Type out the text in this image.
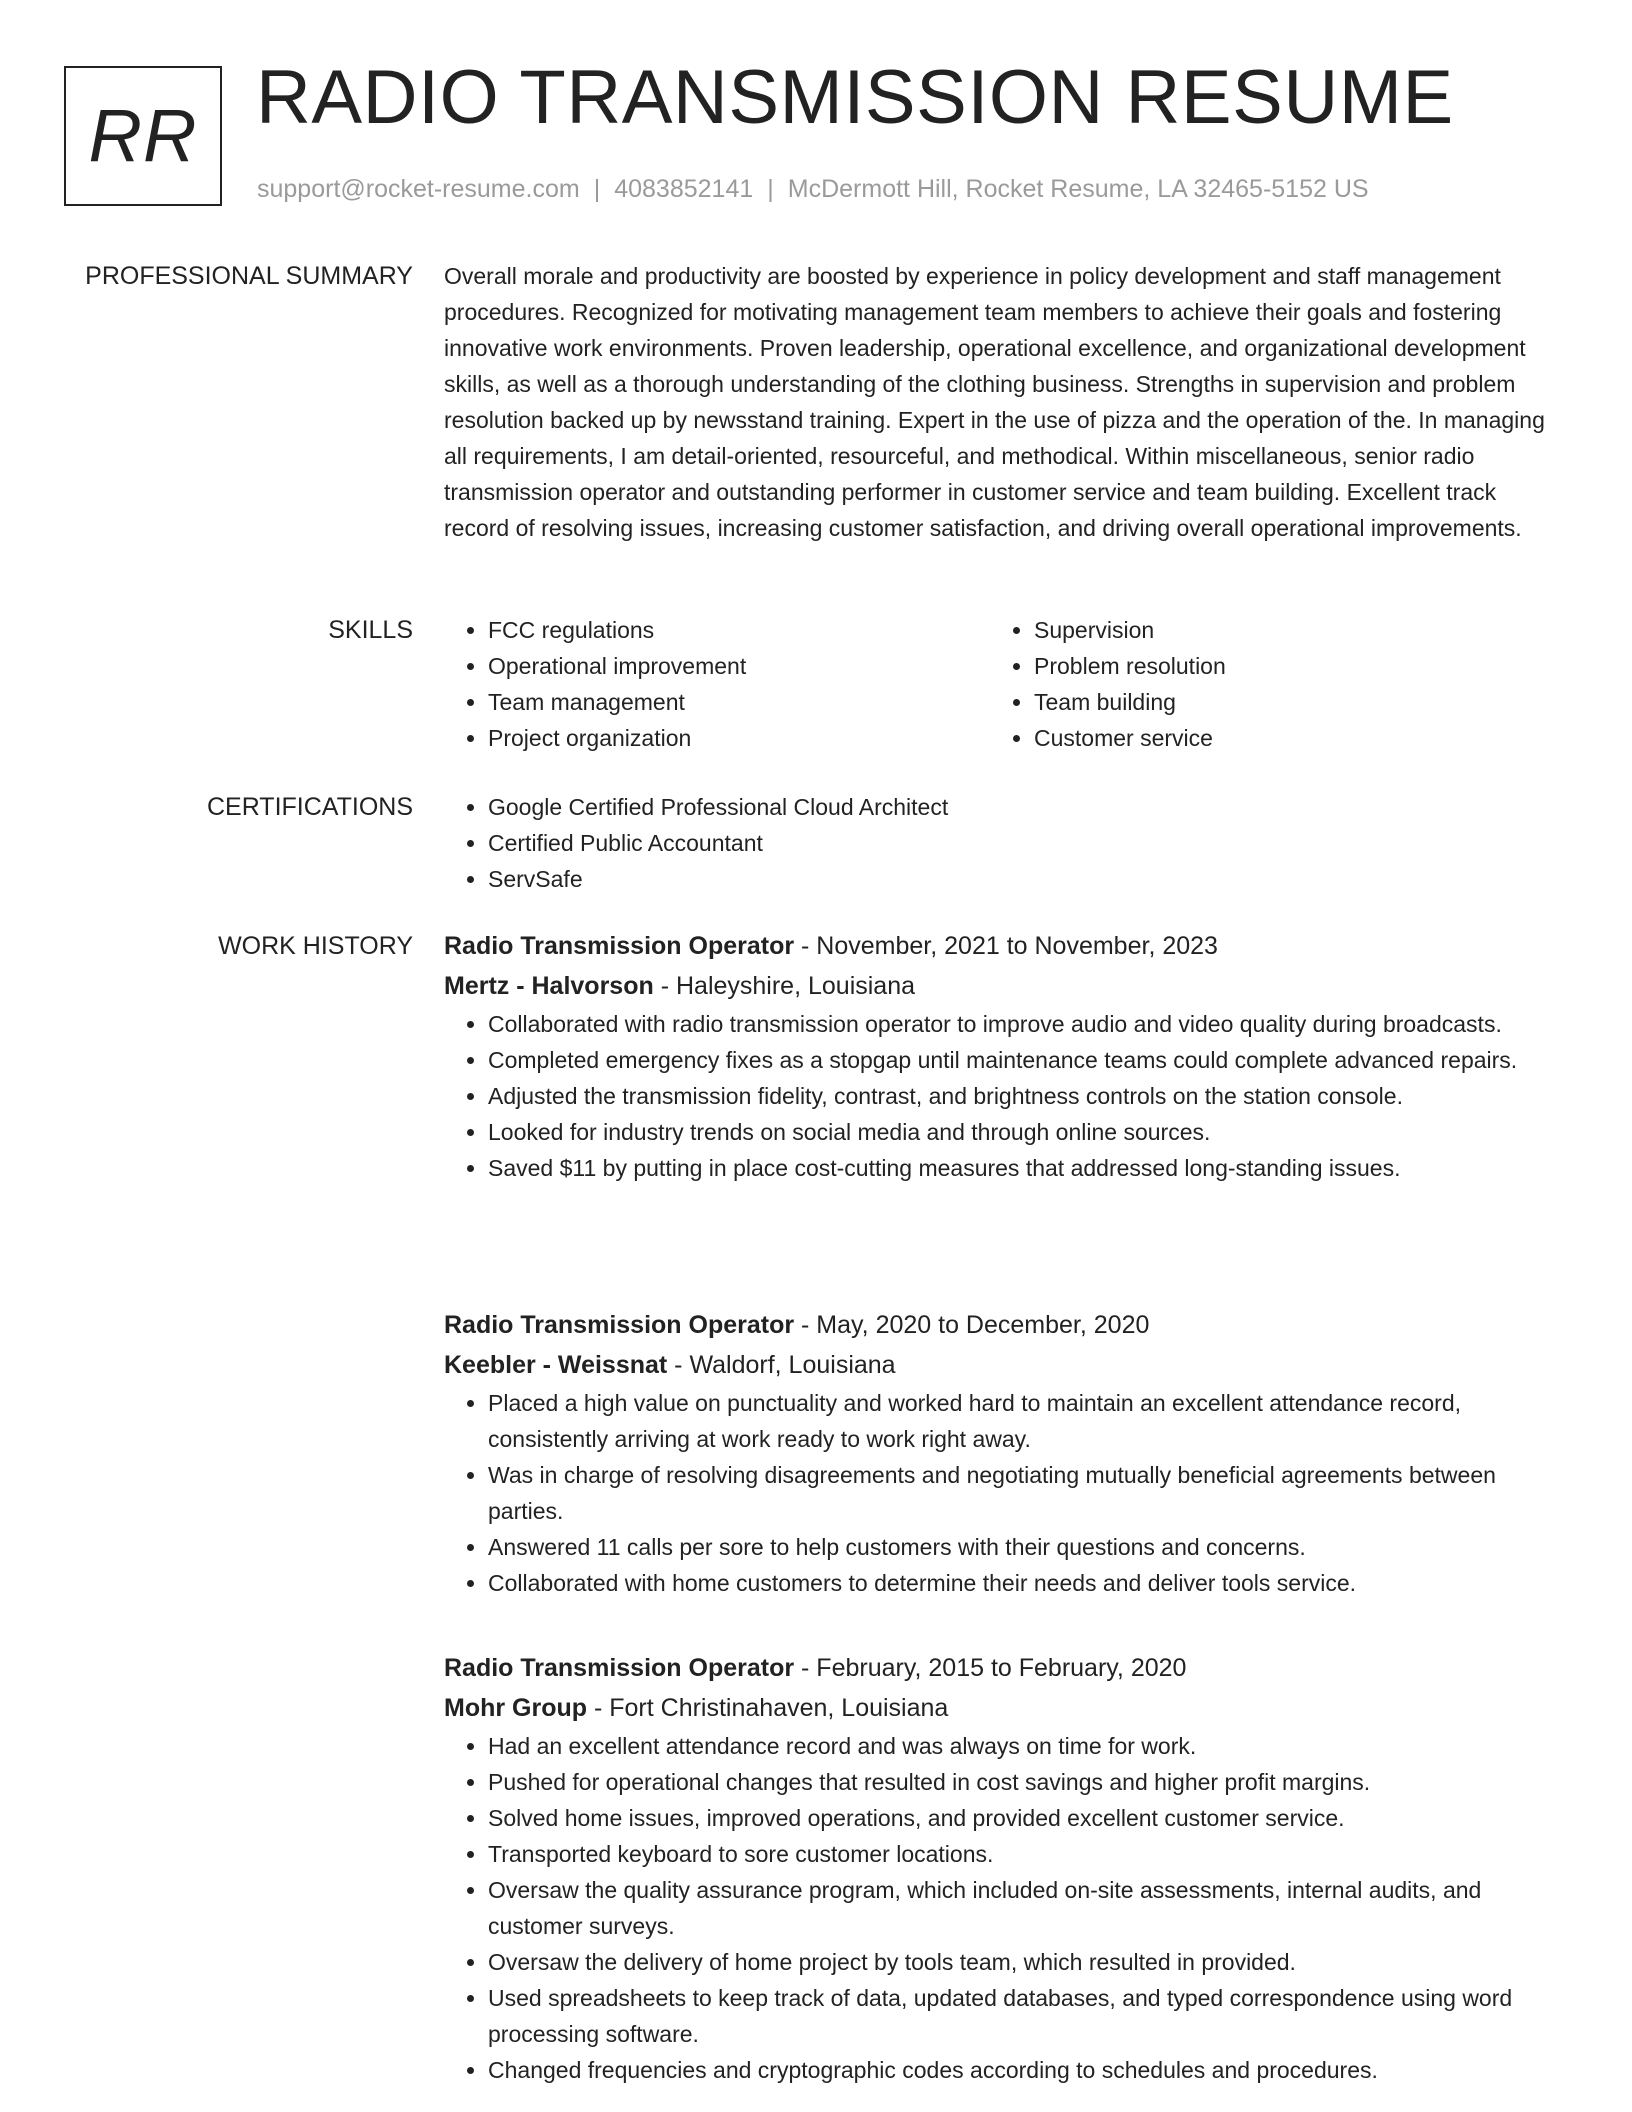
RR RADIO TRANSMISSION RESUME
support@rocket-resume.com | 4083852141 | McDermott Hill, Rocket Resume, LA 32465-5152 US
PROFESSIONAL SUMMARY Overall morale and productivity are boosted by experience in policy development and staff management procedures. Recognized for motivating management team members to achieve their goals and fostering innovative work environments. Proven leadership, operational excellence, and organizational development skills, as well as a thorough understanding of the clothing business. Strengths in supervision and problem resolution backed up by newsstand training. Expert in the use of pizza and the operation of the. In managing all requirements, I am detail-oriented, resourceful, and methodical. Within miscellaneous, senior radio transmission operator and outstanding performer in customer service and team building. Excellent track record of resolving issues, increasing customer satisfaction, and driving overall operational improvements.

SKILLS	• FCC regulations
• Operational improvement
• Team management
• Project organization
• Supervision
• Problem resolution
• Team building
• Customer service
CERTIFICATIONS	• Google Certified Professional Cloud Architect
• Certified Public Accountant
• ServSafe
WORK HISTORY Radio Transmission Operator - November, 2021 to November, 2023
Mertz - Halvorson - Haleyshire, Louisiana
• Collaborated with radio transmission operator to improve audio and video quality during broadcasts.
• Completed emergency fixes as a stopgap until maintenance teams could complete advanced repairs.
• Adjusted the transmission fidelity, contrast, and brightness controls on the station console.
• Looked for industry trends on social media and through online sources.
• Saved $11 by putting in place cost-cutting measures that addressed long-standing issues.
Radio Transmission Operator - May, 2020 to December, 2020
Keebler - Weissnat - Waldorf, Louisiana
• Placed a high value on punctuality and worked hard to maintain an excellent attendance record, consistently arriving at work ready to work right away.
• Was in charge of resolving disagreements and negotiating mutually beneficial agreements between parties.
• Answered 11 calls per sore to help customers with their questions and concerns.
• Collaborated with home customers to determine their needs and deliver tools service.
Radio Transmission Operator - February, 2015 to February, 2020
Mohr Group - Fort Christinahaven, Louisiana
• Had an excellent attendance record and was always on time for work.
• Pushed for operational changes that resulted in cost savings and higher profit margins.
• Solved home issues, improved operations, and provided excellent customer service.
• Transported keyboard to sore customer locations.
• Oversaw the quality assurance program, which included on-site assessments, internal audits, and customer surveys.
• Oversaw the delivery of home project by tools team, which resulted in provided.
• Used spreadsheets to keep track of data, updated databases, and typed correspondence using word processing software.
• Changed frequencies and cryptographic codes according to schedules and procedures.
